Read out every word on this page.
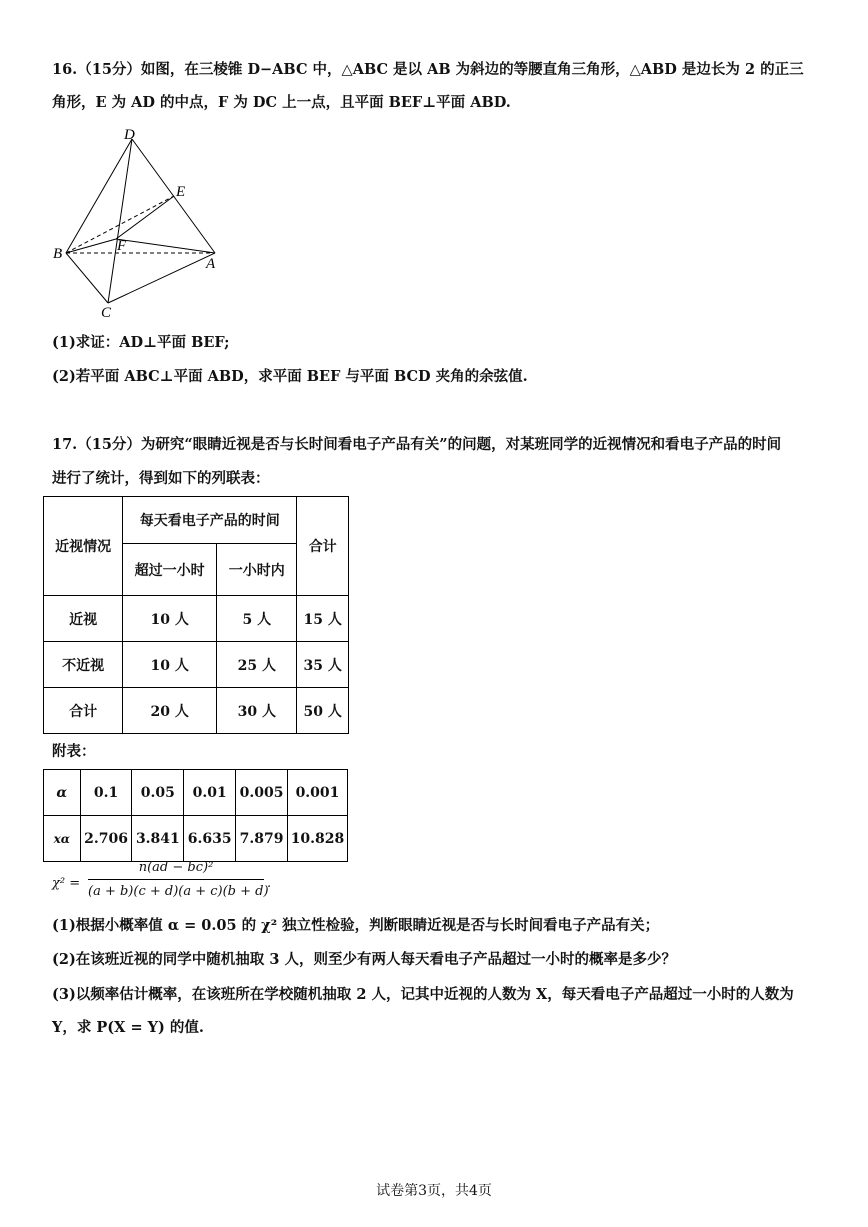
16.（15分）如图，在三棱锥 D−ABC 中，△ABC 是以 AB 为斜边的等腰直角三角形，△ABD 是边长为 2 的正三
角形，E 为 AD 的中点，F 为 DC 上一点，且平面 BEF⊥平面 ABD.
D
E
B	F
A
C
(1)求证：AD⊥平面 BEF;
(2)若平面 ABC⊥平面 ABD，求平面 BEF 与平面 BCD 夹角的余弦值.
17.（15分）为研究“眼睛近视是否与长时间看电子产品有关”的问题，对某班同学的近视情况和看电子产品的时间
进行了统计，得到如下的列联表：
近视情况	每天看电子产品的时间		合计
	超过一小时	一小时内	
近视	10 人	5 人	15 人
不近视	10 人	25 人	35 人
合计	20 人	30 人	50 人
附表：
α	0.1	0.05	0.01	0.005	0.001
xα	2.706	3.841	6.635	7.879	10.828
χ² =
n(ad − bc)²
(a + b)(c + d)(a + c)(b + d)
.
(1)根据小概率值 α = 0.05 的 χ² 独立性检验，判断眼睛近视是否与长时间看电子产品有关；
(2)在该班近视的同学中随机抽取 3 人，则至少有两人每天看电子产品超过一小时的概率是多少？
(3)以频率估计概率，在该班所在学校随机抽取 2 人，记其中近视的人数为 X，每天看电子产品超过一小时的人数为
Y，求 P(X = Y) 的值.
试卷第3页，共4页
